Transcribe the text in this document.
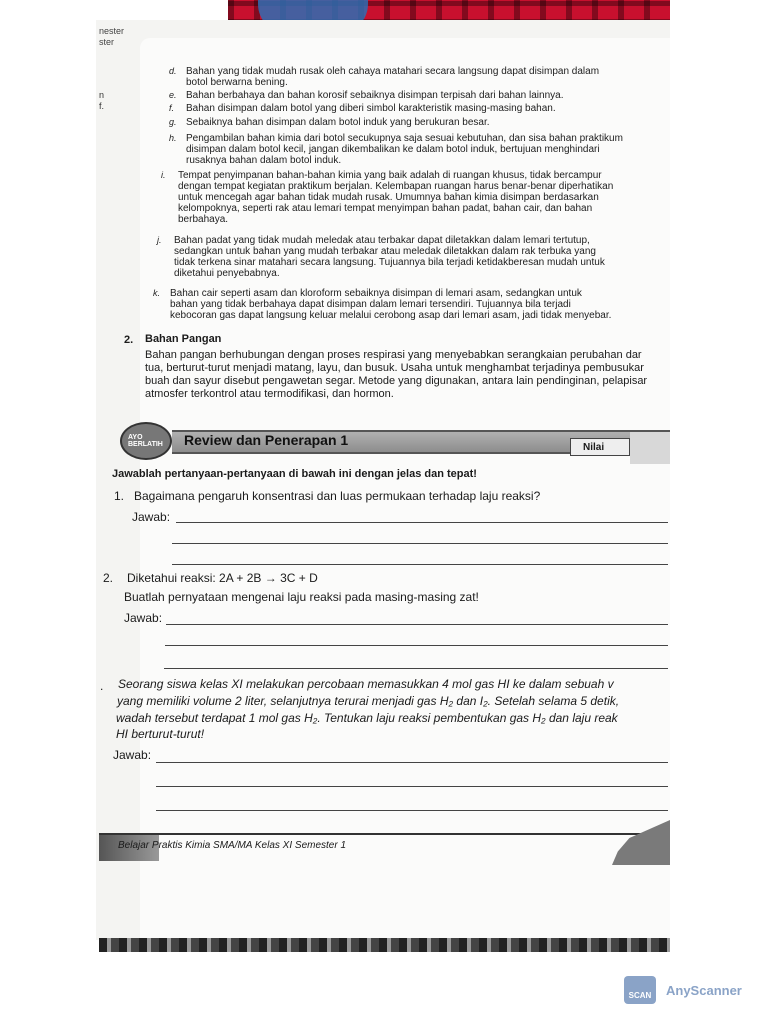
nester
ster
n
f.
d. Bahan yang tidak mudah rusak oleh cahaya matahari secara langsung dapat disimpan dalam

botol berwarna bening.

e. Bahan berbahaya dan bahan korosif sebaiknya disimpan terpisah dari bahan lainnya.

f. Bahan disimpan dalam botol yang diberi simbol karakteristik masing-masing bahan.

g. Sebaiknya bahan disimpan dalam botol induk yang berukuran besar.

h. Pengambilan bahan kimia dari botol secukupnya saja sesuai kebutuhan, dan sisa bahan praktikum

disimpan dalam botol kecil, jangan dikembalikan ke dalam botol induk, bertujuan menghindari

rusaknya bahan dalam botol induk.

i. Tempat penyimpanan bahan-bahan kimia yang baik adalah di ruangan khusus, tidak bercampur

dengan tempat kegiatan praktikum berjalan. Kelembapan ruangan harus benar-benar diperhatikan

untuk mencegah agar bahan tidak mudah rusak. Umumnya bahan kimia disimpan berdasarkan

kelompoknya, seperti rak atau lemari tempat menyimpan bahan padat, bahan cair, dan bahan

berbahaya.

j. Bahan padat yang tidak mudah meledak atau terbakar dapat diletakkan dalam lemari tertutup,

sedangkan untuk bahan yang mudah terbakar atau meledak diletakkan dalam rak terbuka yang

tidak terkena sinar matahari secara langsung. Tujuannya bila terjadi ketidakberesan mudah untuk

diketahui penyebabnya.

k. Bahan cair seperti asam dan kloroform sebaiknya disimpan di lemari asam, sedangkan untuk

bahan yang tidak berbahaya dapat disimpan dalam lemari tersendiri. Tujuannya bila terjadi

kebocoran gas dapat langsung keluar melalui cerobong asap dari lemari asam, jadi tidak menyebar.

2. Bahan Pangan
Bahan pangan berhubungan dengan proses respirasi yang menyebabkan serangkaian perubahan dar
tua, berturut-turut menjadi matang, layu, dan busuk. Usaha untuk menghambat terjadinya pembusukar
buah dan sayur disebut pengawetan segar. Metode yang digunakan, antara lain pendinginan, pelapisar
atmosfer terkontrol atau termodifikasi, dan hormon.
AYO BERLATIH	Review dan Penerapan 1	Nilai
Jawablah pertanyaan-pertanyaan di bawah ini dengan jelas dan tepat!
1. Bagaimana pengaruh konsentrasi dan luas permukaan terhadap laju reaksi?
Jawab:
2. Diketahui reaksi: 2A + 2B → 3C + D
Buatlah pernyataan mengenai laju reaksi pada masing-masing zat!
Jawab:
. Seorang siswa kelas XI melakukan percobaan memasukkan 4 mol gas HI ke dalam sebuah v
yang memiliki volume 2 liter, selanjutnya terurai menjadi gas H₂ dan I₂. Setelah selama 5 detik,
wadah tersebut terdapat 1 mol gas H₂. Tentukan laju reaksi pembentukan gas H₂ dan laju reak
HI berturut-turut!
Jawab:
Belajar Praktis Kimia SMA/MA Kelas XI Semester 1
SCAN	AnyScanner
